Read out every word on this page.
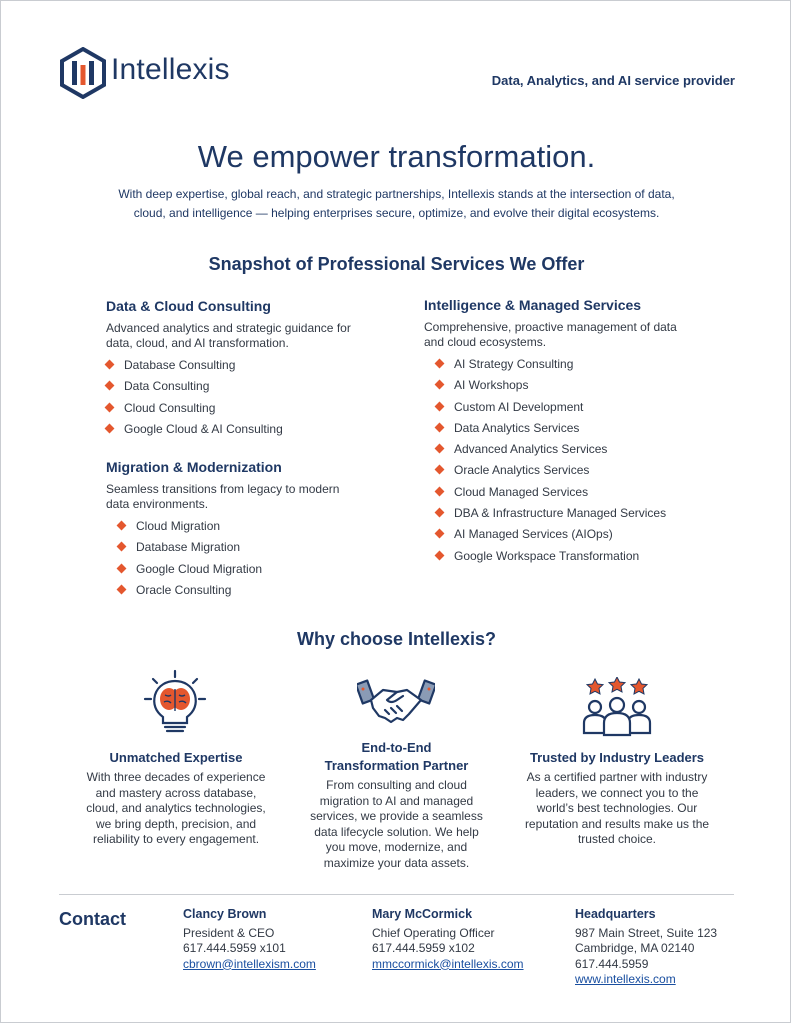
Intellexis	Data, Analytics, and AI service provider
We empower transformation.
With deep expertise, global reach, and strategic partnerships, Intellexis stands at the intersection of data, cloud, and intelligence — helping enterprises secure, optimize, and evolve their digital ecosystems.
Snapshot of Professional Services We Offer
Data & Cloud Consulting
Advanced analytics and strategic guidance for data, cloud, and AI transformation.
Database Consulting
Data Consulting
Cloud Consulting
Google Cloud & AI Consulting
Migration & Modernization
Seamless transitions from legacy to modern data environments.
Cloud Migration
Database Migration
Google Cloud Migration
Oracle Consulting
Intelligence & Managed Services
Comprehensive, proactive management of data and cloud ecosystems.
AI Strategy Consulting
AI Workshops
Custom AI Development
Data Analytics Services
Advanced Analytics Services
Oracle Analytics Services
Cloud Managed Services
DBA & Infrastructure Managed Services
AI Managed Services (AIOps)
Google Workspace Transformation
Why choose Intellexis?
Unmatched Expertise
With three decades of experience and mastery across database, cloud, and analytics technologies, we bring depth, precision, and reliability to every engagement.
End-to-End
Transformation Partner
From consulting and cloud migration to AI and managed services, we provide a seamless data lifecycle solution. We help you move, modernize, and maximize your data assets.
Trusted by Industry Leaders
As a certified partner with industry leaders, we connect you to the world’s best technologies. Our reputation and results make us the trusted choice.
Contact	Clancy Brown
President & CEO
617.444.5959 x101
cbrown@intellexism.com
Mary McCormick
Chief Operating Officer
617.444.5959 x102
mmccormick@intellexis.com
Headquarters
987 Main Street, Suite 123
Cambridge, MA 02140
617.444.5959
www.intellexis.com
